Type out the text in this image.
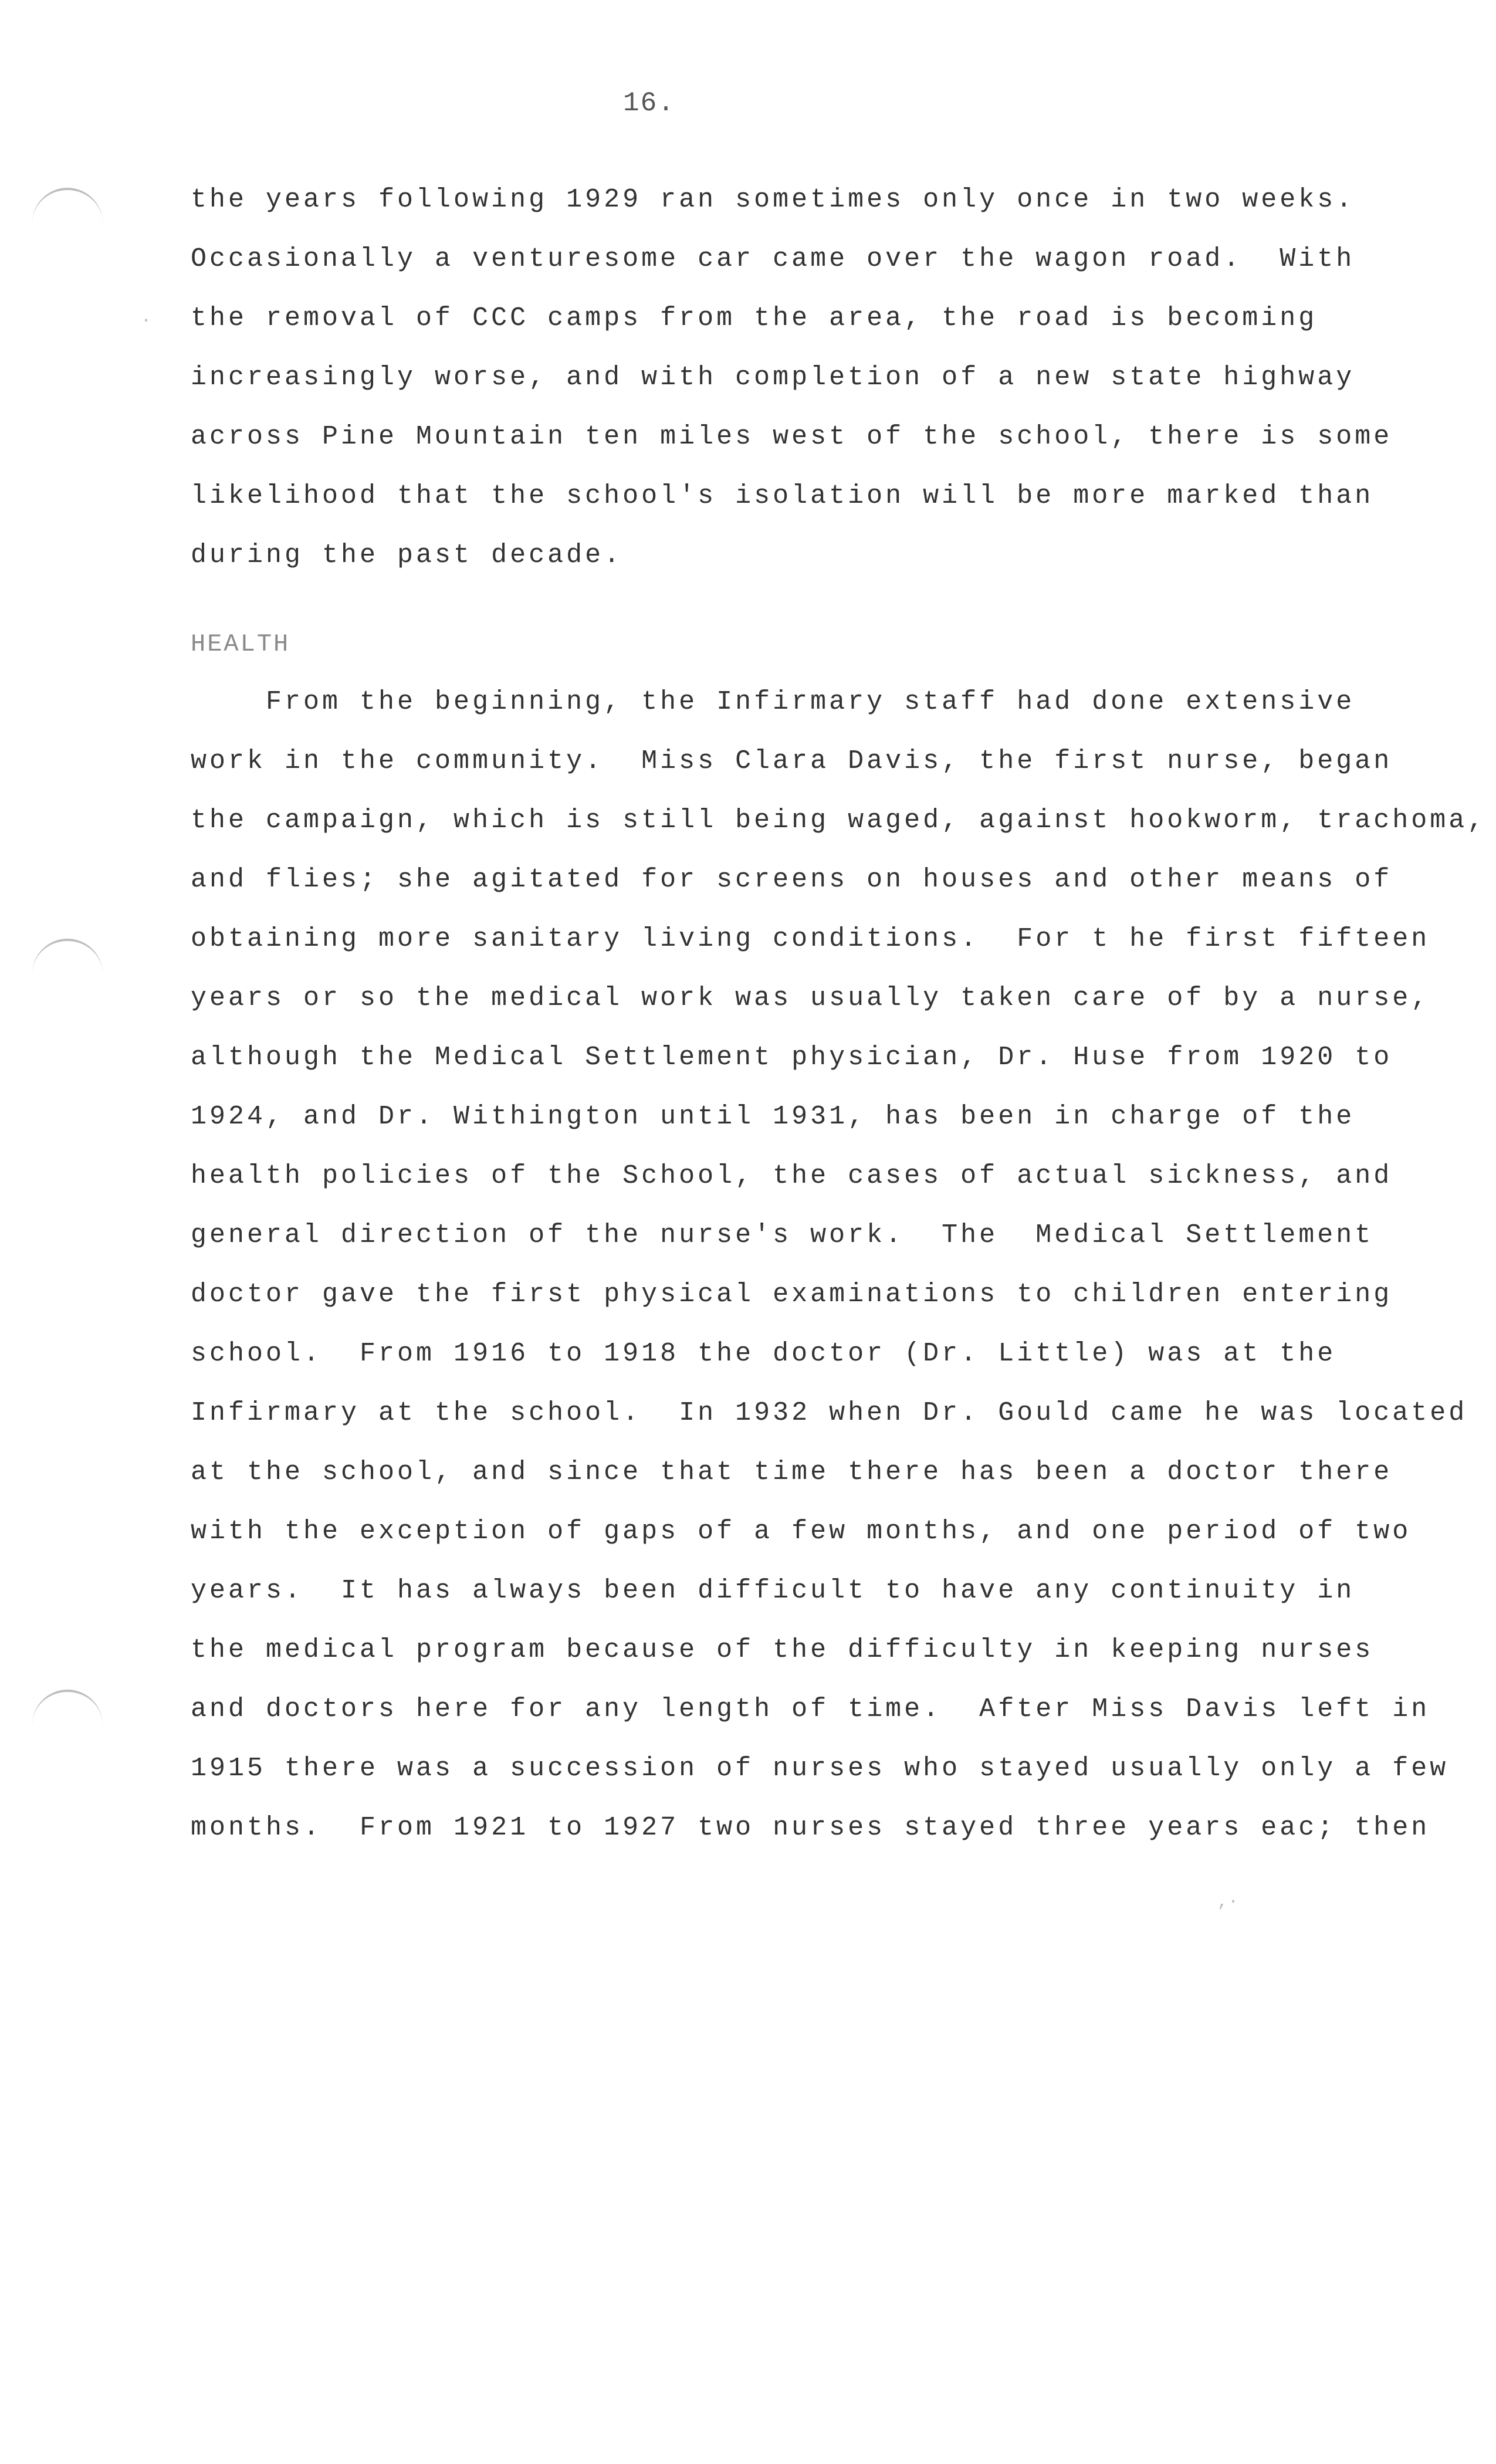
,·
·
16.
the years following 1929 ran sometimes only once in two weeks.
Occasionally a venturesome car came over the wagon road.  With
the removal of CCC camps from the area, the road is becoming
increasingly worse, and with completion of a new state highway
across Pine Mountain ten miles west of the school, there is some
likelihood that the school's isolation will be more marked than
during the past decade.
HEALTH
From the beginning, the Infirmary staff had done extensive
work in the community.  Miss Clara Davis, the first nurse, began
the campaign, which is still being waged, against hookworm, trachoma,
and flies; she agitated for screens on houses and other means of
obtaining more sanitary living conditions.  For t he first fifteen
years or so the medical work was usually taken care of by a nurse,
although the Medical Settlement physician, Dr. Huse from 1920 to
1924, and Dr. Withington until 1931, has been in charge of the
health policies of the School, the cases of actual sickness, and
general direction of the nurse's work.  The  Medical Settlement
doctor gave the first physical examinations to children entering
school.  From 1916 to 1918 the doctor (Dr. Little) was at the
Infirmary at the school.  In 1932 when Dr. Gould came he was located
at the school, and since that time there has been a doctor there
with the exception of gaps of a few months, and one period of two
years.  It has always been difficult to have any continuity in
the medical program because of the difficulty in keeping nurses
and doctors here for any length of time.  After Miss Davis left in
1915 there was a succession of nurses who stayed usually only a few
months.  From 1921 to 1927 two nurses stayed three years eac; then
